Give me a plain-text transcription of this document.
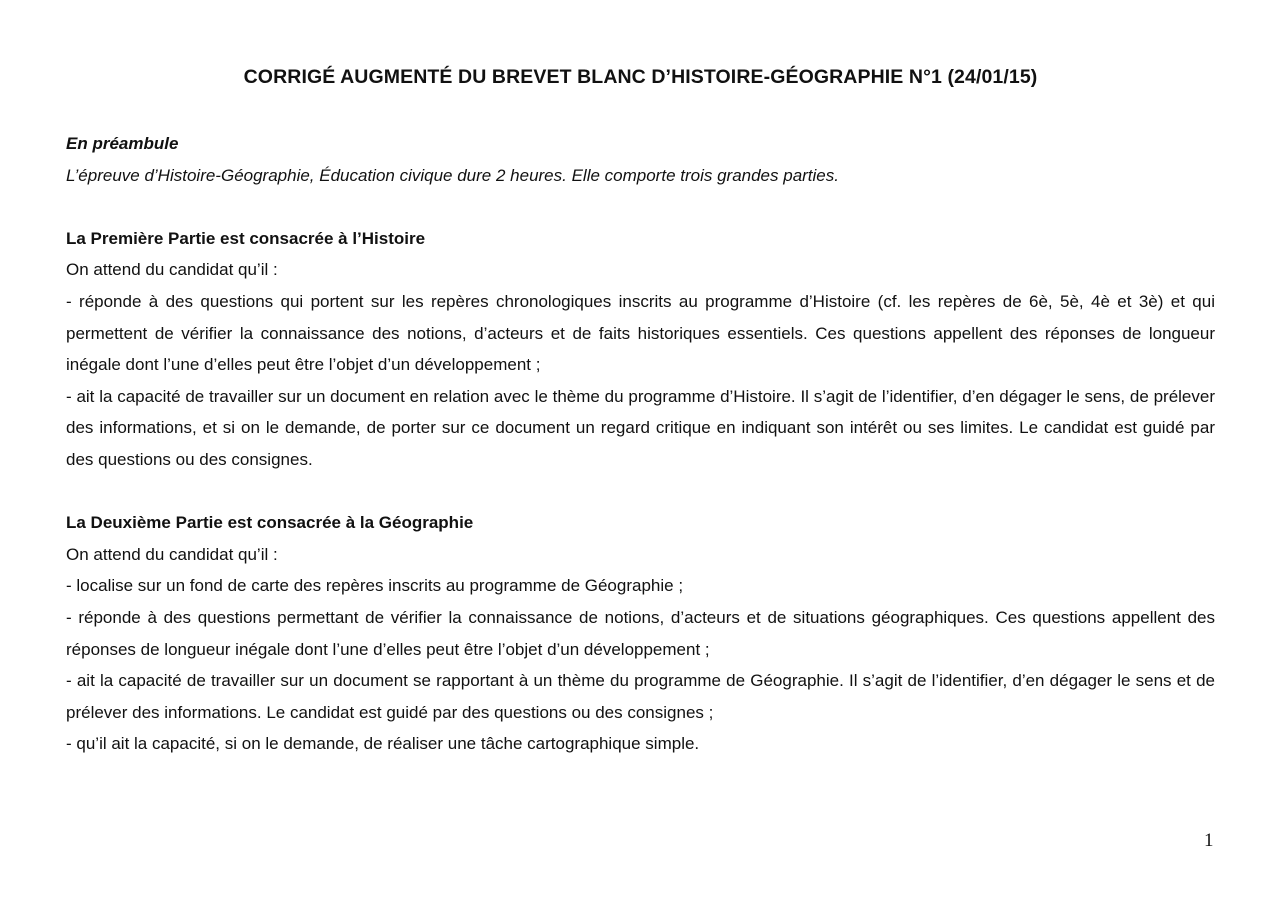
CORRIGÉ AUGMENTÉ DU BREVET BLANC D’HISTOIRE-GÉOGRAPHIE N°1 (24/01/15)

En préambule

L’épreuve d’Histoire-Géographie, Éducation civique dure 2 heures. Elle comporte trois grandes parties.

La Première Partie est consacrée à l’Histoire

On attend du candidat qu’il :

- réponde à des questions qui portent sur les repères chronologiques inscrits au programme d’Histoire (cf. les repères de 6è, 5è, 4è et 3è) et qui permettent de vérifier la connaissance des notions, d’acteurs et de faits historiques essentiels. Ces questions appellent des réponses de longueur inégale dont l’une d’elles peut être l’objet d’un développement ;

- ait la capacité de travailler sur un document en relation avec le thème du programme d’Histoire. Il s’agit de l’identifier, d’en dégager le sens, de prélever des informations, et si on le demande, de porter sur ce document un regard critique en indiquant son intérêt ou ses limites. Le candidat est guidé par des questions ou des consignes.

La Deuxième Partie est consacrée à la Géographie

On attend du candidat qu’il :

- localise sur un fond de carte des repères inscrits au programme de Géographie ;

- réponde à des questions permettant de vérifier la connaissance de notions, d’acteurs et de situations géographiques. Ces questions appellent des réponses de longueur inégale dont l’une d’elles peut être l’objet d’un développement ;

- ait la capacité de travailler sur un document se rapportant à un thème du programme de Géographie. Il s’agit de l’identifier, d’en dégager le sens et de prélever des informations. Le candidat est guidé par des questions ou des consignes ;

- qu’il ait la capacité, si on le demande, de réaliser une tâche cartographique simple.

1
